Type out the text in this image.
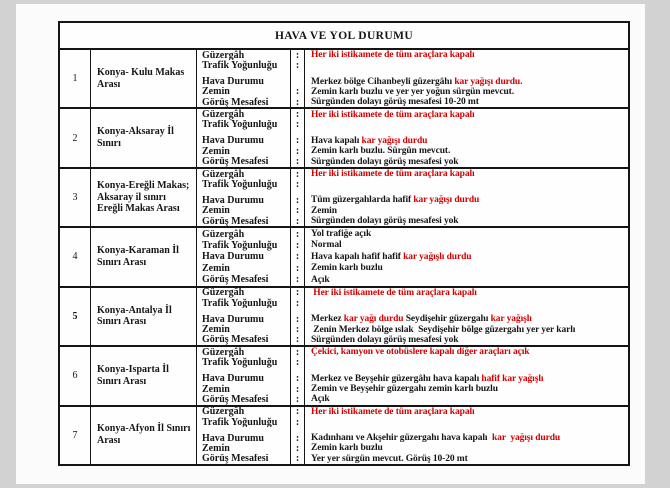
HAVA VE YOL DURUMU
1
Konya- Kulu Makas Arası
Güzergâh	:	Her iki istikamete de tüm araçlara kapalı
Trafik Yoğunluğu	:
Hava Durumu	Merkez bölge Cihanbeyli güzergâhı kar yağışı durdu.
Zemin	:	Zemin karlı buzlu ve yer yer yoğun sürgün mevcut.
Görüş Mesafesi	:	Sürgünden dolayı görüş mesafesi 10-20 mt
2
Konya-Aksaray İl Sınırı
Güzergâh	:	Her iki istikamete de tüm araçlara kapalı
Trafik Yoğunluğu	:
Hava Durumu	:	Hava kapalı kar yağışı durdu
Zemin	:	Zemin karlı buzlu. Sürgün mevcut.
Görüş Mesafesi	:	Sürgünden dolayı görüş mesafesi yok
3
Konya-Ereğli Makas; Aksaray il sınırı Ereğli Makas Arası
Güzergâh	:	Her iki istikamete de tüm araçlara kapalı
Trafik Yoğunluğu	:
Hava Durumu	:	Tüm güzergahlarda hafif kar yağışı durdu
Zemin	:	Zemin
Görüş Mesafesi	:	Sürgünden dolayı görüş mesafesi yok
4
Konya-Karaman İl Sınırı Arası
Güzergâh	:	Yol trafiğe açık
Trafik Yoğunluğu	:	Normal
Hava Durumu	:	Hava kapalı hafif hafif kar yağışlı durdu
Zemin	:	Zemin karlı buzlu
Görüş Mesafesi	:	Açık
5
Konya-Antalya İl Sınırı Arası
Güzergâh	:	Her iki istikamete de tüm araçlara kapalı
Trafik Yoğunluğu	:
Hava Durumu	:	Merkez kar yağı durdu Seydişehir güzergahı kar yağışlı
Zemin	:	Zenin Merkez bölge ıslak  Seydişehir bölge güzergahı yer yer karlı
Görüş Mesafesi	:	Sürgünden dolayı görüş mesafesi yok
6
Konya-Isparta İl Sınırı Arası
Güzergâh	:	Çekici, kamyon ve otobüslere kapalı diğer araçları açık
Trafik Yoğunluğu	:
Hava Durumu	:	Merkez ve Beyşehir güzergâhı hava kapalı hafif kar yağışlı
Zemin	:	Zemin ve Beyşehir güzergahı zemin karlı buzlu
Görüş Mesafesi	:	Açık
7
Konya-Afyon İl Sınırı Arası
Güzergâh	:	Her iki istikamete de tüm araçlara kapalı
Trafik Yoğunluğu	:
Hava Durumu	:	Kadınhanı ve Akşehir güzergahı hava kapalı  kar  yağışı durdu
Zemin	:	Zemin karlı buzlu
Görüş Mesafesi	:	Yer yer sürgün mevcut. Görüş 10-20 mt
